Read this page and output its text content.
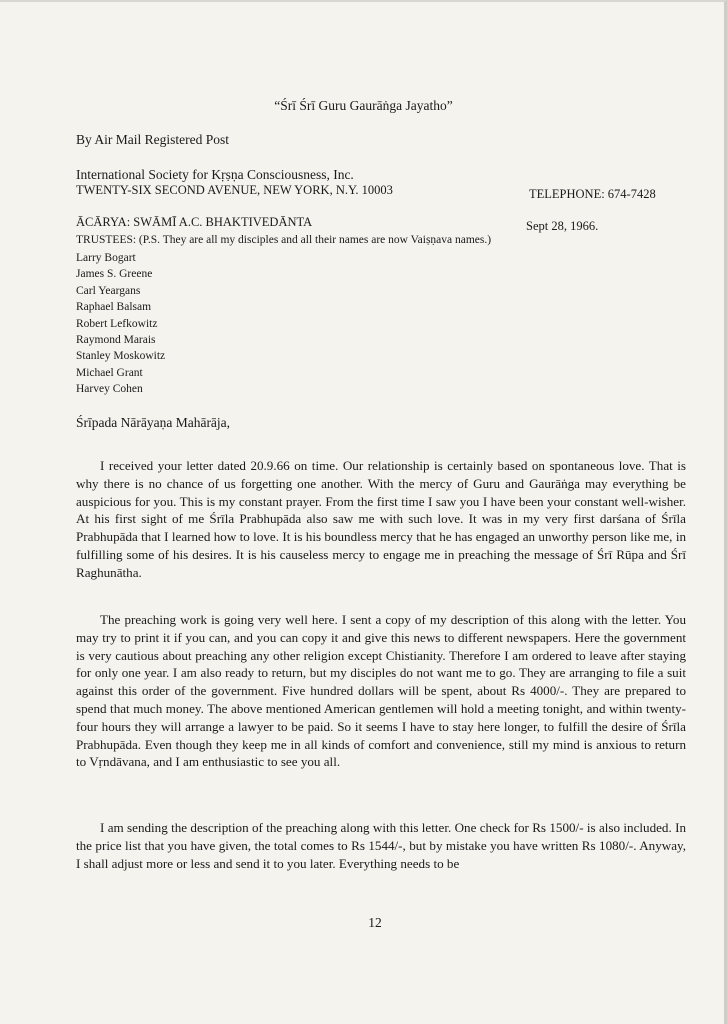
“Śrī Śrī Guru Gaurāṅga Jayatho”
By Air Mail Registered Post
International Society for Kṛṣṇa Consciousness, Inc.
TWENTY-SIX SECOND AVENUE, NEW YORK, N.Y. 10003	TELEPHONE: 674-7428
ĀCĀRYA: SWĀMĪ A.C. BHAKTIVEDĀNTA	Sept 28, 1966.
TRUSTEES: (P.S. They are all my disciples and all their names are now Vaiṣṇava names.)
Larry Bogart
James S. Greene
Carl Yeargans
Raphael Balsam
Robert Lefkowitz
Raymond Marais
Stanley Moskowitz
Michael Grant
Harvey Cohen
Śrīpada Nārāyaṇa Mahārāja,

I received your letter dated 20.9.66 on time. Our relationship is certainly based on spontaneous love. That is why there is no chance of us forgetting one another. With the mercy of Guru and Gaurāṅga may everything be auspicious for you. This is my constant prayer. From the first time I saw you I have been your constant well-wisher. At his first sight of me Śrīla Prabhupāda also saw me with such love. It was in my very first darśana of Śrīla Prabhupāda that I learned how to love. It is his boundless mercy that he has engaged an unworthy person like me, in fulfilling some of his desires. It is his causeless mercy to engage me in preaching the message of Śrī Rūpa and Śrī Raghunātha.

The preaching work is going very well here. I sent a copy of my description of this along with the letter. You may try to print it if you can, and you can copy it and give this news to different newspapers. Here the government is very cautious about preaching any other religion except Chistianity. Therefore I am ordered to leave after staying for only one year. I am also ready to return, but my disciples do not want me to go. They are arranging to file a suit against this order of the government. Five hundred dollars will be spent, about Rs 4000/-. They are prepared to spend that much money. The above mentioned American gentlemen will hold a meeting tonight, and within twenty-four hours they will arrange a lawyer to be paid. So it seems I have to stay here longer, to fulfill the desire of Śrīla Prabhupāda. Even though they keep me in all kinds of comfort and convenience, still my mind is anxious to return to Vṛndāvana, and I am enthusiastic to see you all.

I am sending the description of the preaching along with this letter. One check for Rs 1500/- is also included. In the price list that you have given, the total comes to Rs 1544/-, but by mistake you have written Rs 1080/-. Anyway, I shall adjust more or less and send it to you later. Everything needs to be

12
